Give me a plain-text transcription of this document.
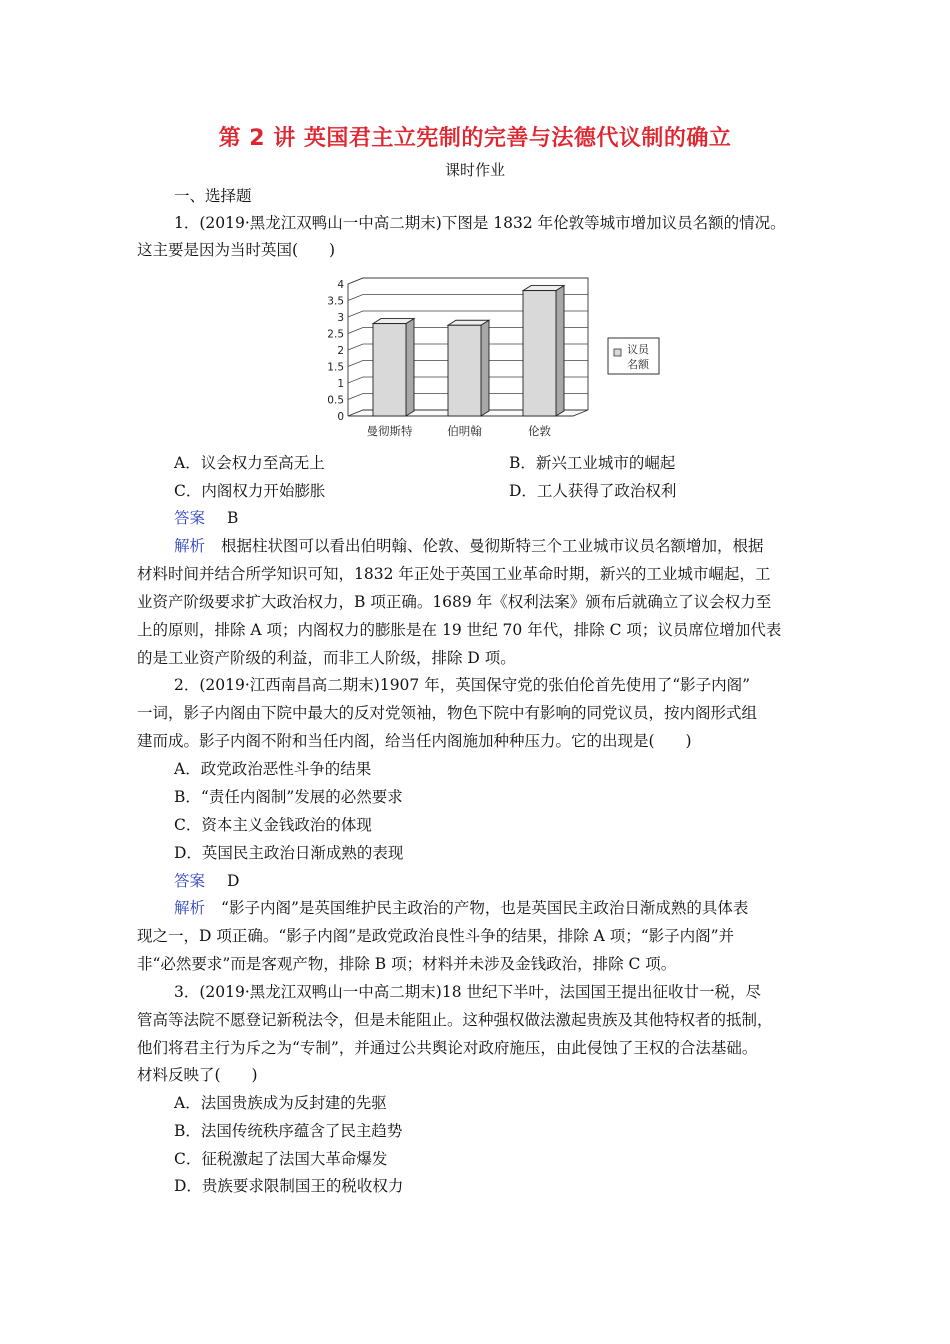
第 2 讲 英国君主立宪制的完善与法德代议制的确立
课时作业
一、选择题
1．(2019·黑龙江双鸭山一中高二期末)下图是 1832 年伦敦等城市增加议员名额的情况。
这主要是因为当时英国(　　)
0
0.5
1
1.5
2
2.5
3
3.5
4
曼彻斯特	伯明翰	伦敦
议员
名额
A．议会权力至高无上	B．新兴工业城市的崛起
C．内阁权力开始膨胀	D．工人获得了政治权利
答案 B
解析 根据柱状图可以看出伯明翰、伦敦、曼彻斯特三个工业城市议员名额增加，根据
材料时间并结合所学知识可知，1832 年正处于英国工业革命时期，新兴的工业城市崛起，工
业资产阶级要求扩大政治权力，B 项正确。1689 年《权利法案》颁布后就确立了议会权力至
上的原则，排除 A 项；内阁权力的膨胀是在 19 世纪 70 年代，排除 C 项；议员席位增加代表
的是工业资产阶级的利益，而非工人阶级，排除 D 项。
2．(2019·江西南昌高二期末)1907 年，英国保守党的张伯伦首先使用了“影子内阁”
一词，影子内阁由下院中最大的反对党领袖，物色下院中有影响的同党议员，按内阁形式组
建而成。影子内阁不附和当任内阁，给当任内阁施加种种压力。它的出现是(　　)
A．政党政治恶性斗争的结果
B．“责任内阁制”发展的必然要求
C．资本主义金钱政治的体现
D．英国民主政治日渐成熟的表现
答案 D
解析 “影子内阁”是英国维护民主政治的产物，也是英国民主政治日渐成熟的具体表
现之一，D 项正确。“影子内阁”是政党政治良性斗争的结果，排除 A 项；“影子内阁”并
非“必然要求”而是客观产物，排除 B 项；材料并未涉及金钱政治，排除 C 项。
3．(2019·黑龙江双鸭山一中高二期末)18 世纪下半叶，法国国王提出征收廿一税，尽
管高等法院不愿登记新税法令，但是未能阻止。这种强权做法激起贵族及其他特权者的抵制，
他们将君主行为斥之为“专制”，并通过公共舆论对政府施压，由此侵蚀了王权的合法基础。
材料反映了(　　)
A．法国贵族成为反封建的先驱
B．法国传统秩序蕴含了民主趋势
C．征税激起了法国大革命爆发
D．贵族要求限制国王的税收权力
